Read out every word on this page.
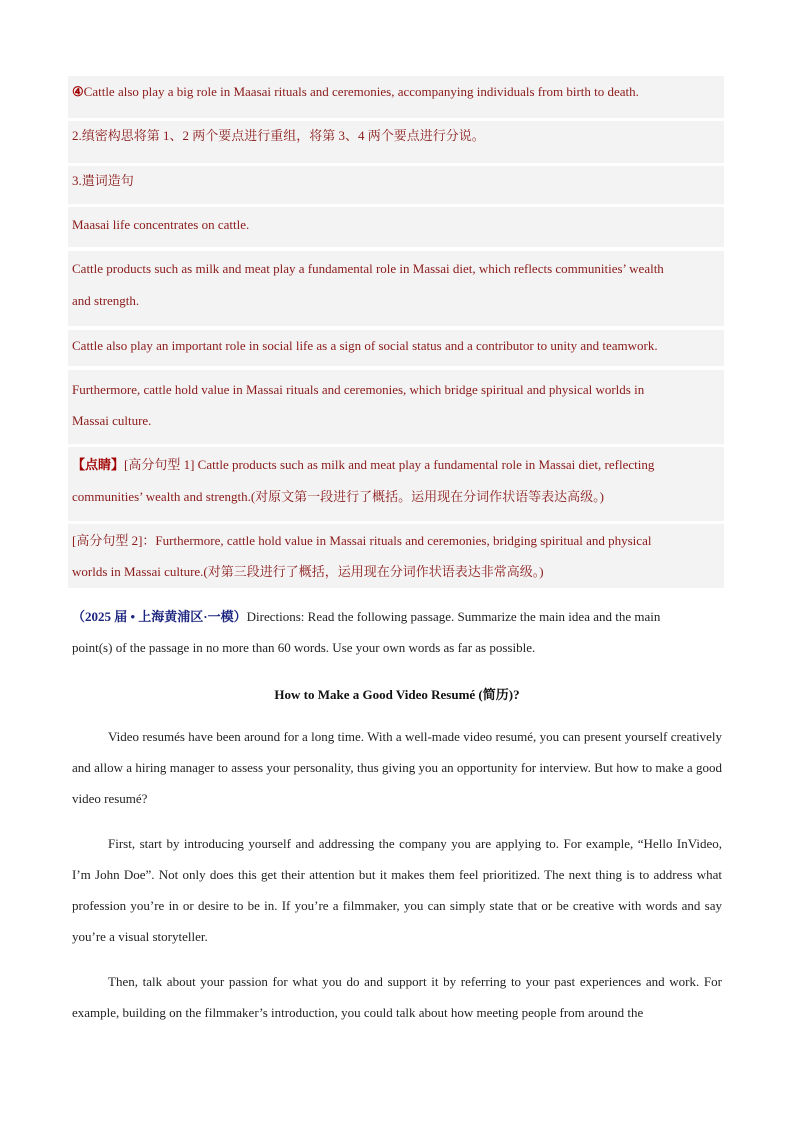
④Cattle also play a big role in Maasai rituals and ceremonies, accompanying individuals from birth to death.
2.缜密构思将第 1、2 两个要点进行重组，将第 3、4 两个要点进行分说。
3.遣词造句
Maasai life concentrates on cattle.
Cattle products such as milk and meat play a fundamental role in Massai diet, which reflects communities’ wealth
and strength.
Cattle also play an important role in social life as a sign of social status and a contributor to unity and teamwork.
Furthermore, cattle hold value in Massai rituals and ceremonies, which bridge spiritual and physical worlds in
Massai culture.
【点睛】[高分句型 1] Cattle products such as milk and meat play a fundamental role in Massai diet, reflecting
communities’ wealth and strength.(对原文第一段进行了概括。运用现在分词作状语等表达高级。)
[高分句型 2]：Furthermore, cattle hold value in Massai rituals and ceremonies, bridging spiritual and physical
worlds in Massai culture.(对第三段进行了概括，运用现在分词作状语表达非常高级。)
（2025 届 • 上海黄浦区·一模）Directions: Read the following passage. Summarize the main idea and the main
point(s) of the passage in no more than 60 words. Use your own words as far as possible.
How to Make a Good Video Resumé (简历)?
Video resumés have been around for a long time. With a well-made video resumé, you can present yourself creatively and allow a hiring manager to assess your personality, thus giving you an opportunity for interview. But how to make a good video resumé?
First, start by introducing yourself and addressing the company you are applying to. For example, “Hello InVideo, I’m John Doe”. Not only does this get their attention but it makes them feel prioritized. The next thing is to address what profession you’re in or desire to be in. If you’re a filmmaker, you can simply state that or be creative with words and say you’re a visual storyteller.
Then, talk about your passion for what you do and support it by referring to your past experiences and work. For example, building on the filmmaker’s introduction, you could talk about how meeting people from around the
